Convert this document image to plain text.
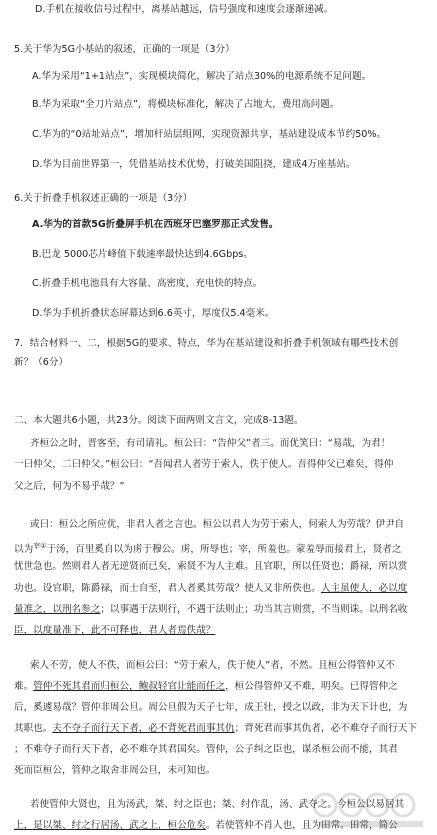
D.手机在接收信号过程中，离基站越远，信号强度和速度会逐渐递减。
5.关于华为5G小基站的叙述，正确的一项是（3分）
A.华为采用“1+1站点”，实现模块简化，解决了站点30%的电源系统不足问题。
B.华为采取“全刀片站点”，将模块标准化，解决了占地大，费用高问题。
C.华为的“0站址站点”，增加杆站层组网，实现资源共享，基站建设成本节约50%。
D.华为目前世界第一，凭借基站技术优势，打破美国阻挠，建成4万座基站。
6.关于折叠手机叙述正确的一项是（3分）
A.华为的首款5G折叠屏手机在西班牙巴塞罗那正式发售。
B.巴龙 5000芯片峰值下载速率最快达到4.6Gbps。
C.折叠手机电池具有大容量、高密度，充电快的特点。
D.华为手机折叠状态屏幕达到6.6英寸，厚度仅5.4毫米。
7．结合材料一、二，根据5G的要求、特点，华为在基站建设和折叠手机领域有哪些技术创
新？（6分）
二、本大题共6小题，共23分。阅读下面两则文言文，完成8-13题。
齐桓公之时，晋客至，有司请礼。桓公曰：“告仲父”者三。而优笑曰：“易哉，为君！
一曰仲父，二曰仲父。”桓公曰：“吾闻君人者劳于索人，佚于使人。吾得仲父已难矣，得仲
父之后，何为不易乎哉？”
或曰：桓公之所应优，非君人者之言也。桓公以君人为劳于索人，何索人为劳哉？伊尹自
以为$^{宰①}$于汤，百里奚自以为虏于穆公。虏，所辱也；宰，所羞也。蒙羞辱而接君上，贤者之
忧世急也。然则君人者无逆贤而已矣，索贤不为人主难。且官职，所以任贤也；爵禄，所以赏
功也。设官职，陈爵禄，而士自至，君人者奚其劳哉？使人又非所佚也。人主虽使人，必以度
量准之，以刑名参之；以事遇于法则行，不遇于法则止；功当其言则赏，不当则诛。以刑名收
臣，以度量准下，此不可释也，君人者焉佚哉？
索人不劳，使人不佚，而桓公曰：“劳于索人，佚于使人”者，不然。且桓公得管仲又不
难。管仲不死其君而归桓公，鲍叔轻官让能而任之，桓公得管仲又不难，明矣。已得管仲之
后，奚遽易哉？管仲非周公旦。周公旦假为天子七年，成王壮，授之以政，非为天下计也，为
其职也。夫不夺子而行天下者，必不背死君而事其仇；背死君而事其仇者，必不难夺子而行天下
；不难夺子而行天下者，必不难夺其君国矣。管仲，公子纠之臣也，谋杀桓公而不能，其君
死而臣桓公，管仲之取舍非周公旦，未可知也。
若使管仲大贤也，且为汤武，桀、纣之臣也；桀、纣作乱，汤、武夺之。今桓公以易居其
上，是以桀、纣之行居汤、武之上，桓公危矣。若使管仲不肖人也，且为田常。田常，简公
